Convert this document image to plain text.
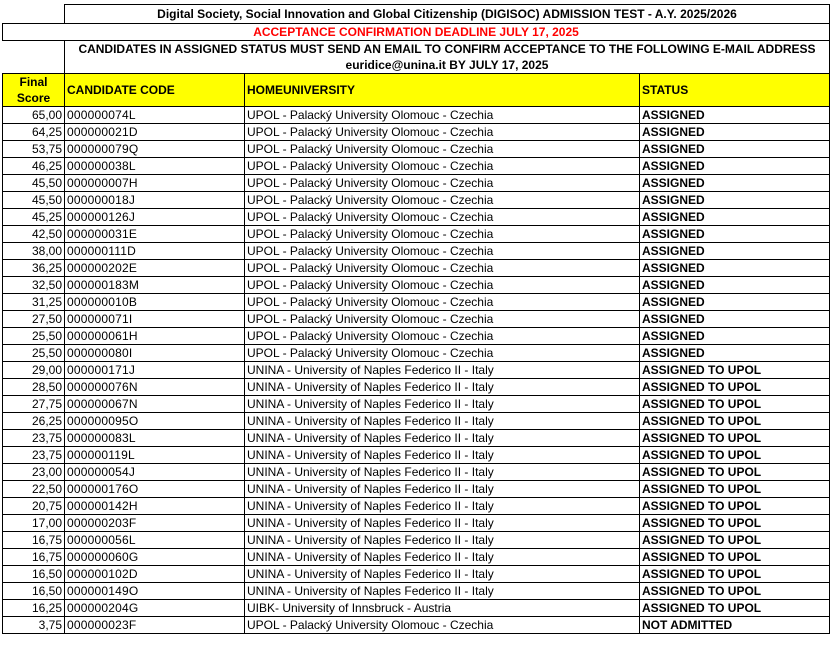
	Digital Society, Social Innovation and Global Citizenship (DIGISOC) ADMISSION TEST - A.Y. 2025/2026		
ACCEPTANCE CONFIRMATION DEADLINE JULY 17, 2025			

	CANDIDATES IN ASSIGNED STATUS MUST SEND AN EMAIL TO CONFIRM ACCEPTANCE TO THE FOLLOWING E-MAIL ADDRESS
euridice@unina.it BY JULY 17, 2025		

Final
Score	CANDIDATE CODE	HOMEUNIVERSITY	STATUS
65,00	000000074L	UPOL - Palacký University Olomouc - Czechia	ASSIGNED
64,25	000000021D	UPOL - Palacký University Olomouc - Czechia	ASSIGNED
53,75	000000079Q	UPOL - Palacký University Olomouc - Czechia	ASSIGNED
46,25	000000038L	UPOL - Palacký University Olomouc - Czechia	ASSIGNED
45,50	000000007H	UPOL - Palacký University Olomouc - Czechia	ASSIGNED
45,50	000000018J	UPOL - Palacký University Olomouc - Czechia	ASSIGNED
45,25	000000126J	UPOL - Palacký University Olomouc - Czechia	ASSIGNED
42,50	000000031E	UPOL - Palacký University Olomouc - Czechia	ASSIGNED
38,00	000000111D	UPOL - Palacký University Olomouc - Czechia	ASSIGNED
36,25	000000202E	UPOL - Palacký University Olomouc - Czechia	ASSIGNED
32,50	000000183M	UPOL - Palacký University Olomouc - Czechia	ASSIGNED
31,25	000000010B	UPOL - Palacký University Olomouc - Czechia	ASSIGNED
27,50	000000071I	UPOL - Palacký University Olomouc - Czechia	ASSIGNED
25,50	000000061H	UPOL - Palacký University Olomouc - Czechia	ASSIGNED
25,50	000000080I	UPOL - Palacký University Olomouc - Czechia	ASSIGNED
29,00	000000171J	UNINA - University of Naples Federico II - Italy	ASSIGNED TO UPOL
28,50	000000076N	UNINA - University of Naples Federico II - Italy	ASSIGNED TO UPOL
27,75	000000067N	UNINA - University of Naples Federico II - Italy	ASSIGNED TO UPOL
26,25	000000095O	UNINA - University of Naples Federico II - Italy	ASSIGNED TO UPOL
23,75	000000083L	UNINA - University of Naples Federico II - Italy	ASSIGNED TO UPOL
23,75	000000119L	UNINA - University of Naples Federico II - Italy	ASSIGNED TO UPOL
23,00	000000054J	UNINA - University of Naples Federico II - Italy	ASSIGNED TO UPOL
22,50	000000176O	UNINA - University of Naples Federico II - Italy	ASSIGNED TO UPOL
20,75	000000142H	UNINA - University of Naples Federico II - Italy	ASSIGNED TO UPOL
17,00	000000203F	UNINA - University of Naples Federico II - Italy	ASSIGNED TO UPOL
16,75	000000056L	UNINA - University of Naples Federico II - Italy	ASSIGNED TO UPOL
16,75	000000060G	UNINA - University of Naples Federico II - Italy	ASSIGNED TO UPOL
16,50	000000102D	UNINA - University of Naples Federico II - Italy	ASSIGNED TO UPOL
16,50	000000149O	UNINA - University of Naples Federico II - Italy	ASSIGNED TO UPOL
16,25	000000204G	UIBK- University of Innsbruck - Austria	ASSIGNED TO UPOL
3,75	000000023F	UPOL - Palacký University Olomouc - Czechia	NOT ADMITTED
